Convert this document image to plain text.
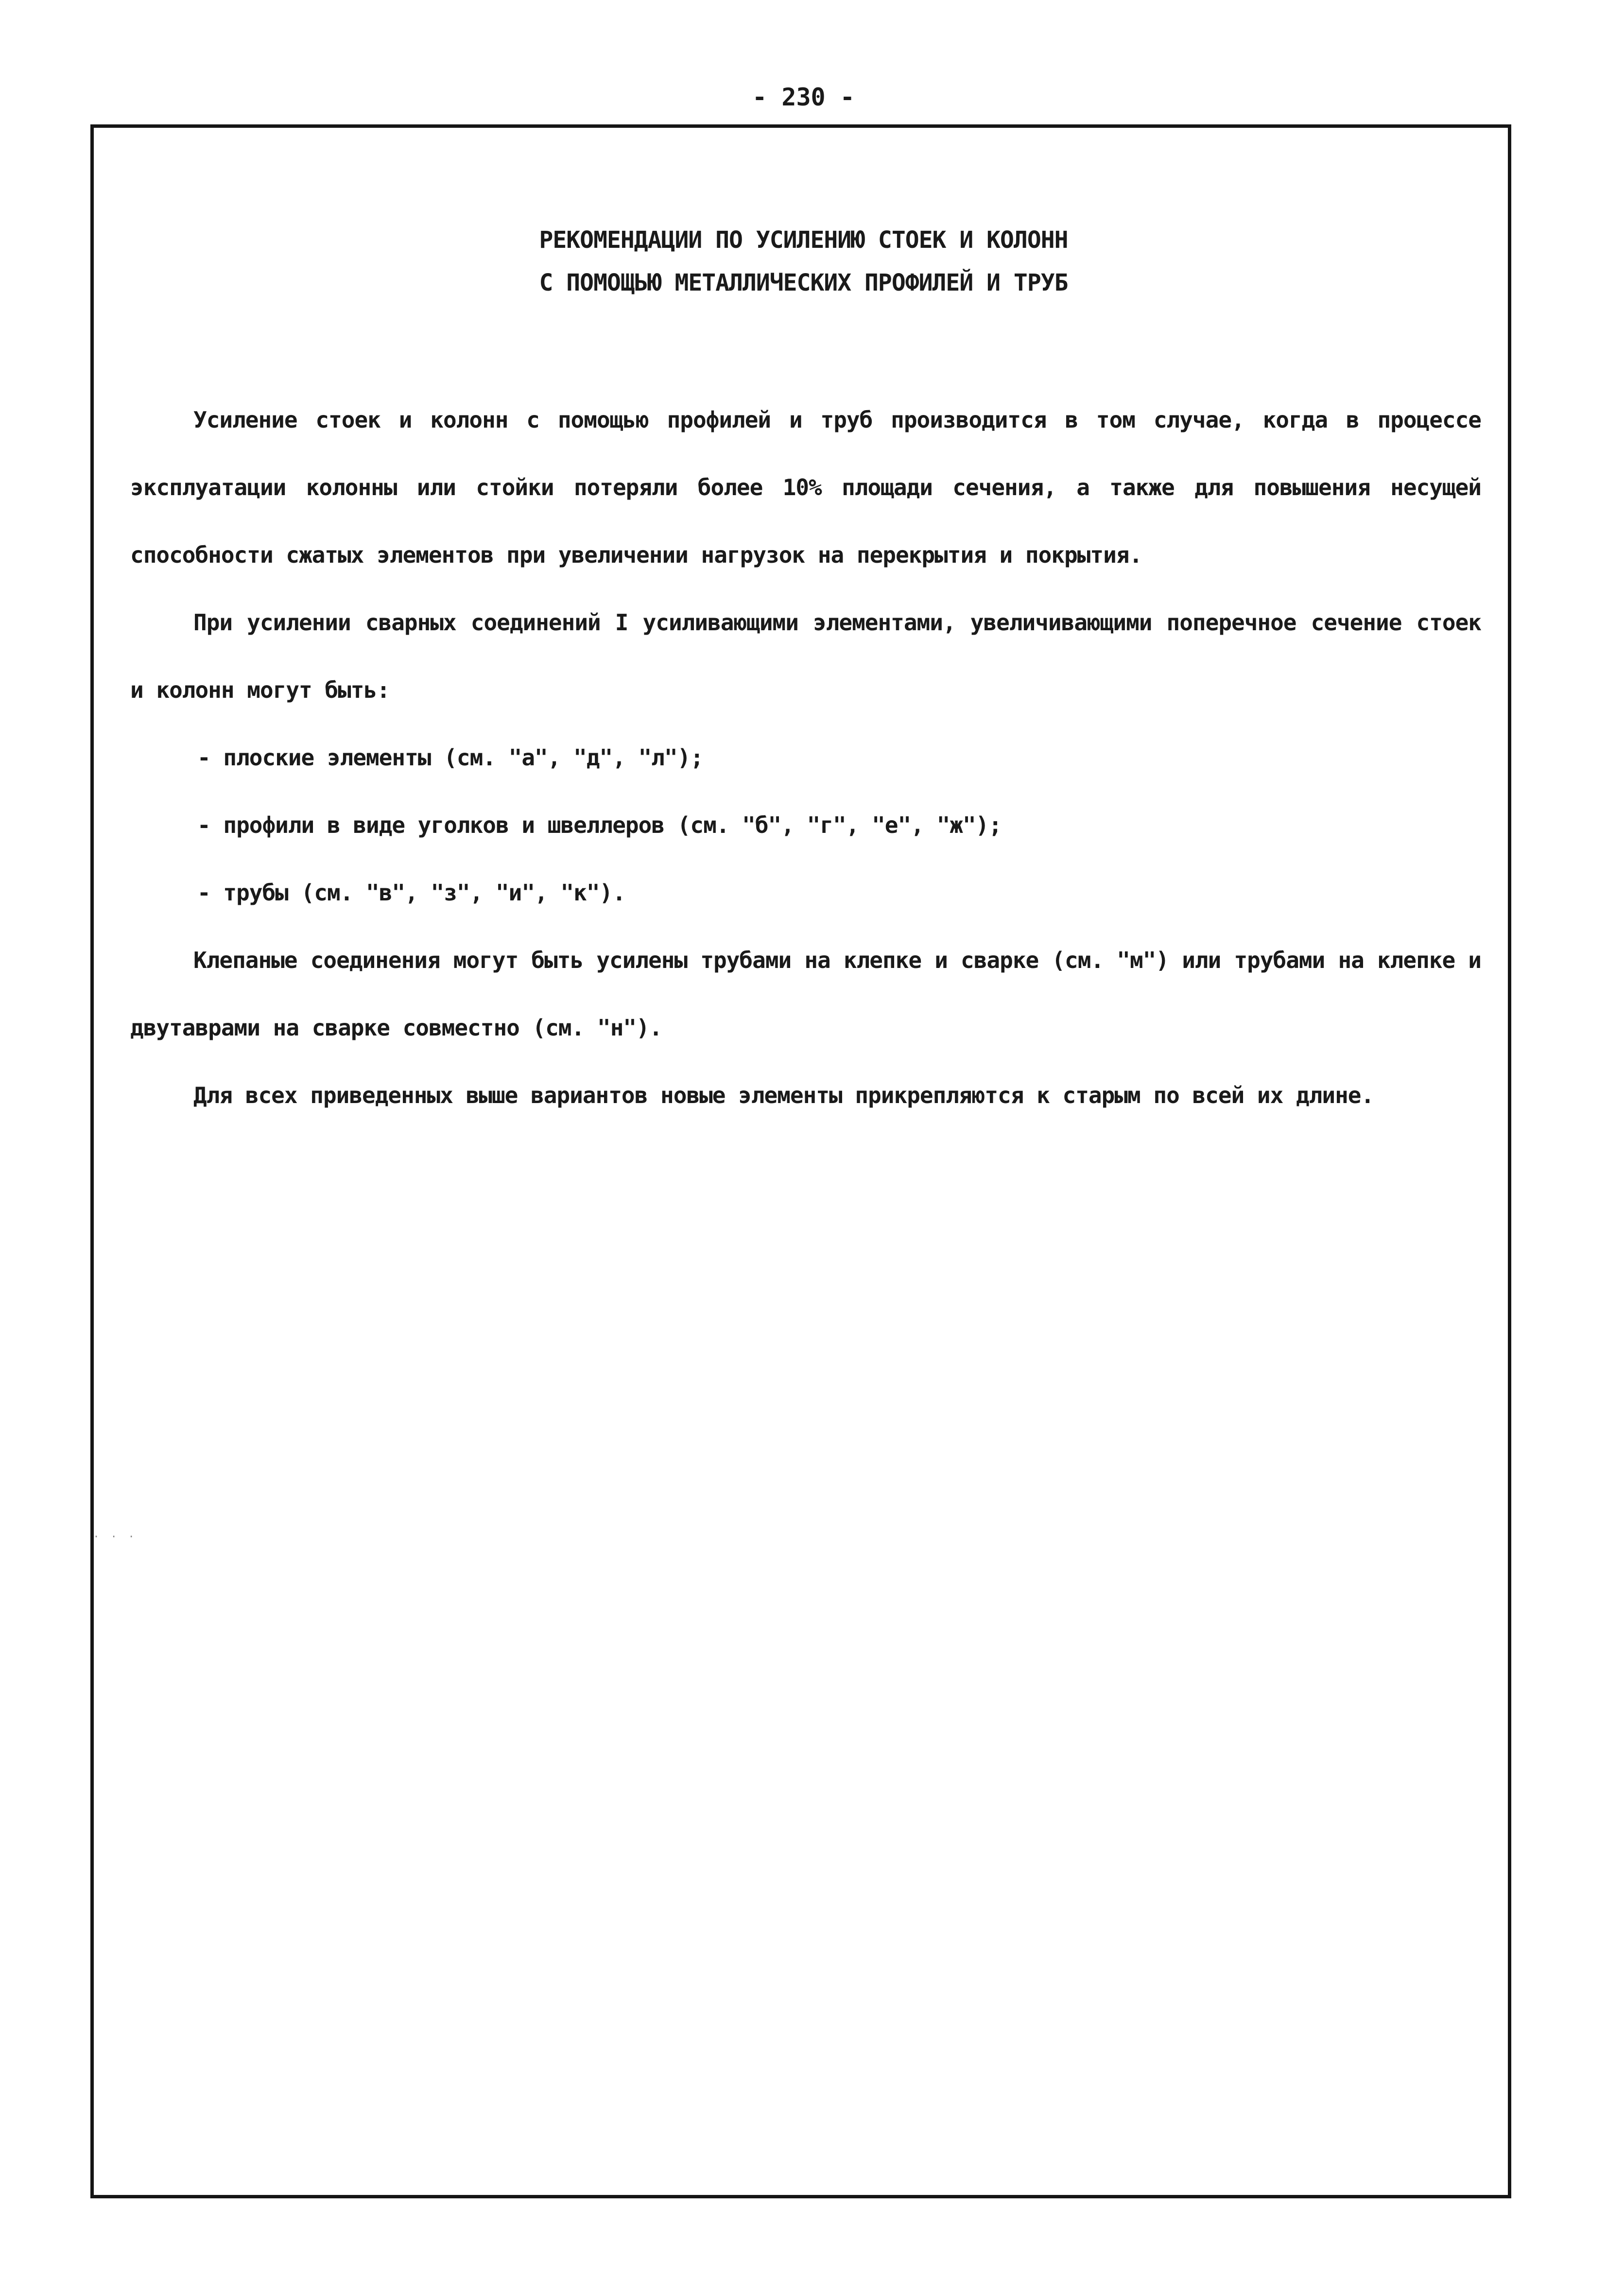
- 230 -
РЕКОМЕНДАЦИИ ПО УСИЛЕНИЮ СТОЕК И КОЛОНН
С ПОМОЩЬЮ МЕТАЛЛИЧЕСКИХ ПРОФИЛЕЙ И ТРУБ

Усиление стоек и колонн с помощью профилей и труб производится в том случае, когда в процессе эксплуатации колонны или стойки потеряли более 10% площади сечения, а также для повышения несущей способности сжатых элементов при увеличении нагрузок на перекрытия и покрытия.

При усилении сварных соединений I усиливающими элементами, увеличивающими поперечное сечение стоек и колонн могут быть:

- плоские элементы (см. "а", "д", "л");

- профили в виде уголков и швеллеров (см. "б", "г", "е", "ж");

- трубы (см. "в", "з", "и", "к").

Клепаные соединения могут быть усилены трубами на клепке и сварке (см. "м") или трубами на клепке и двутаврами на сварке совместно (см. "н").

Для всех приведенных выше вариантов новые элементы прикрепляются к старым по всей их длине.

· · ·
